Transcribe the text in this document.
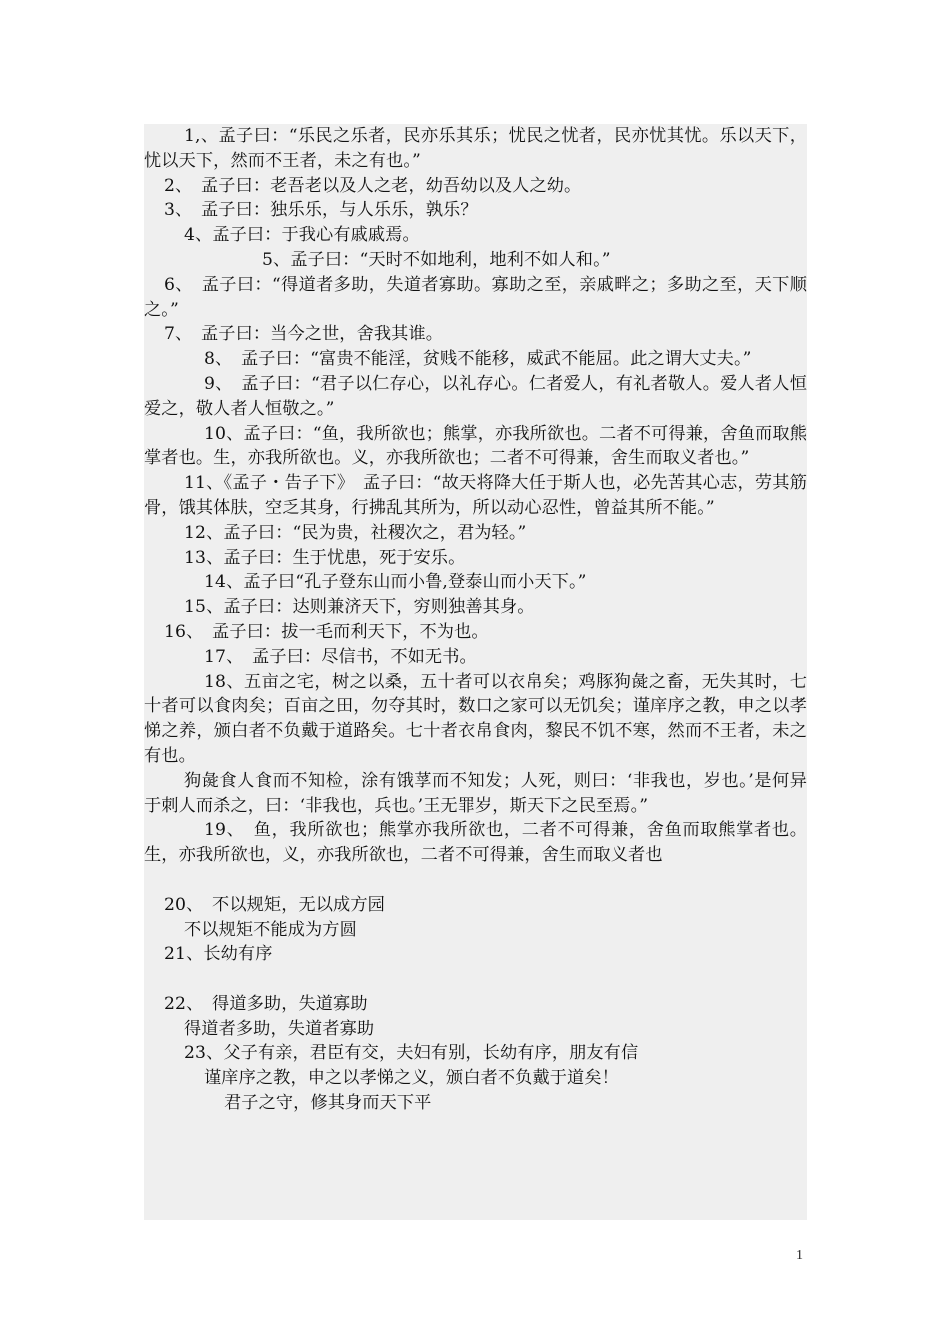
1,、孟子曰：“乐民之乐者，民亦乐其乐；忧民之忧者，民亦忧其忧。乐以天下，忧以天下，然而不王者，未之有也。”

2、　孟子曰：老吾老以及人之老，幼吾幼以及人之幼。

3、　孟子曰：独乐乐，与人乐乐，孰乐？

4、孟子曰：于我心有戚戚焉。

5、孟子曰：“天时不如地利，地利不如人和。”

6、　孟子曰：“得道者多助，失道者寡助。寡助之至，亲戚畔之；多助之至，天下顺之。”

7、　孟子曰：当今之世，舍我其谁。

8、　孟子曰：“富贵不能淫，贫贱不能移，威武不能屈。此之谓大丈夫。”

9、　孟子曰：“君子以仁存心，以礼存心。仁者爱人，有礼者敬人。爱人者人恒爱之，敬人者人恒敬之。”

10、孟子曰：“鱼，我所欲也；熊掌，亦我所欲也。二者不可得兼，舍鱼而取熊掌者也。生，亦我所欲也。义，亦我所欲也；二者不可得兼，舍生而取义者也。”

11、《孟子・告子下》　孟子曰：“故天将降大任于斯人也，必先苦其心志，劳其筋骨，饿其体肤，空乏其身，行拂乱其所为，所以动心忍性，曾益其所不能。”

12、孟子曰：“民为贵，社稷次之，君为轻。”

13、孟子曰：生于忧患，死于安乐。

14、孟子曰“孔子登东山而小鲁,登泰山而小天下。”

15、孟子曰：达则兼济天下，穷则独善其身。

16、　孟子曰：拔一毛而利天下，不为也。

17、　孟子曰：尽信书，不如无书。

18、五亩之宅，树之以桑，五十者可以衣帛矣；鸡豚狗彘之畜，无失其时，七十者可以食肉矣；百亩之田，勿夺其时，数口之家可以无饥矣；谨庠序之教，申之以孝悌之养，颁白者不负戴于道路矣。七十者衣帛食肉，黎民不饥不寒，然而不王者，未之有也。

狗彘食人食而不知检，涂有饿莩而不知发；人死，则曰：‘非我也，岁也。’是何异于刺人而杀之，曰：‘非我也，兵也。’王无罪岁，斯天下之民至焉。”

19、　鱼，我所欲也；熊掌亦我所欲也，二者不可得兼，舍鱼而取熊掌者也。生，亦我所欲也，义，亦我所欲也，二者不可得兼，舍生而取义者也

20、　不以规矩，无以成方园

不以规矩不能成为方圆

21、长幼有序

22、　得道多助，失道寡助

得道者多助，失道者寡助

23、父子有亲，君臣有交，夫妇有别，长幼有序，朋友有信

谨庠序之教，申之以孝悌之义，颁白者不负戴于道矣！

君子之守，修其身而天下平

1
